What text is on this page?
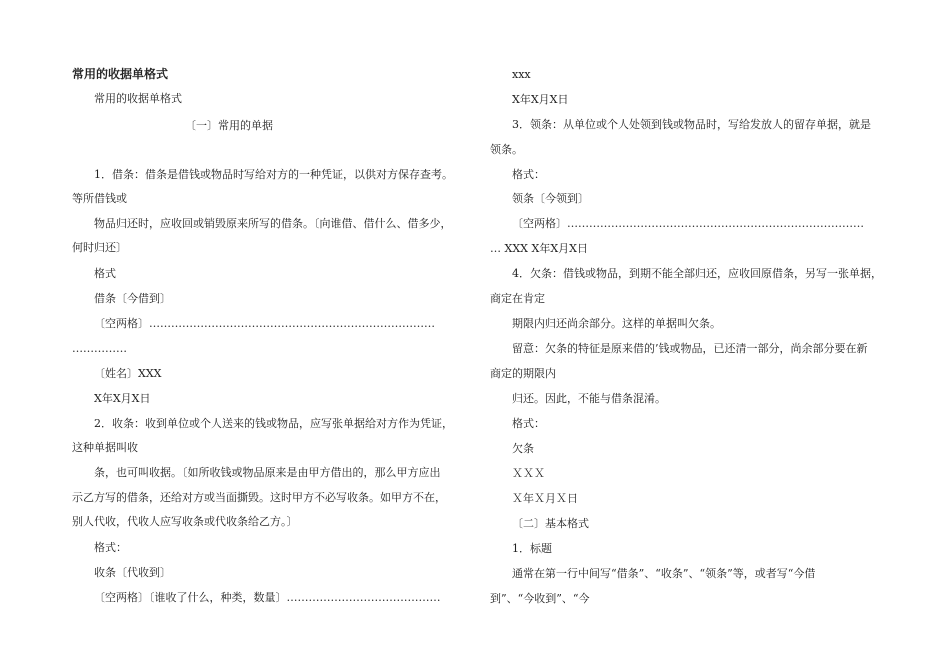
常用的收据单格式
常用的收据单格式
〔一〕常用的单据
1．借条：借条是借钱或物品时写给对方的一种凭证，以供对方保存查考。
等所借钱或
物品归还时，应收回或销毁原来所写的借条。〔向谁借、借什么、借多少，
何时归还〕
格式
借条〔今借到〕
〔空两格〕……………………………………………………………………
……………
〔姓名〕XXX
X年X月X日
2．收条：收到单位或个人送来的钱或物品，应写张单据给对方作为凭证，
这种单据叫收
条，也可叫收据。〔如所收钱或物品原来是由甲方借出的，那么甲方应出
示乙方写的借条，还给对方或当面撕毁。这时甲方不必写收条。如甲方不在，
别人代收，代收人应写收条或代收条给乙方。〕
格式：
收条〔代收到〕
〔空两格〕〔谁收了什么，种类，数量〕……………………………………
xxx
X年X月X日
3．领条：从单位或个人处领到钱或物品时，写给发放人的留存单据，就是
领条。
格式：
领条〔今领到〕
〔空两格〕………………………………………………………………………
… XXX X年X月X日
4．欠条：借钱或物品，到期不能全部归还，应收回原借条，另写一张单据，
商定在肯定
期限内归还尚余部分。这样的单据叫欠条。
留意：欠条的特征是原来借的’钱或物品，已还清一部分，尚余部分要在新
商定的期限内
归还。因此，不能与借条混淆。
格式：
欠条
ＸＸＸ
Ｘ年Ｘ月Ｘ日
〔二〕基本格式
1．标题
通常在第一行中间写“借条”、“收条”、“领条”等，或者写“今借
到”、“今收到”、“今
